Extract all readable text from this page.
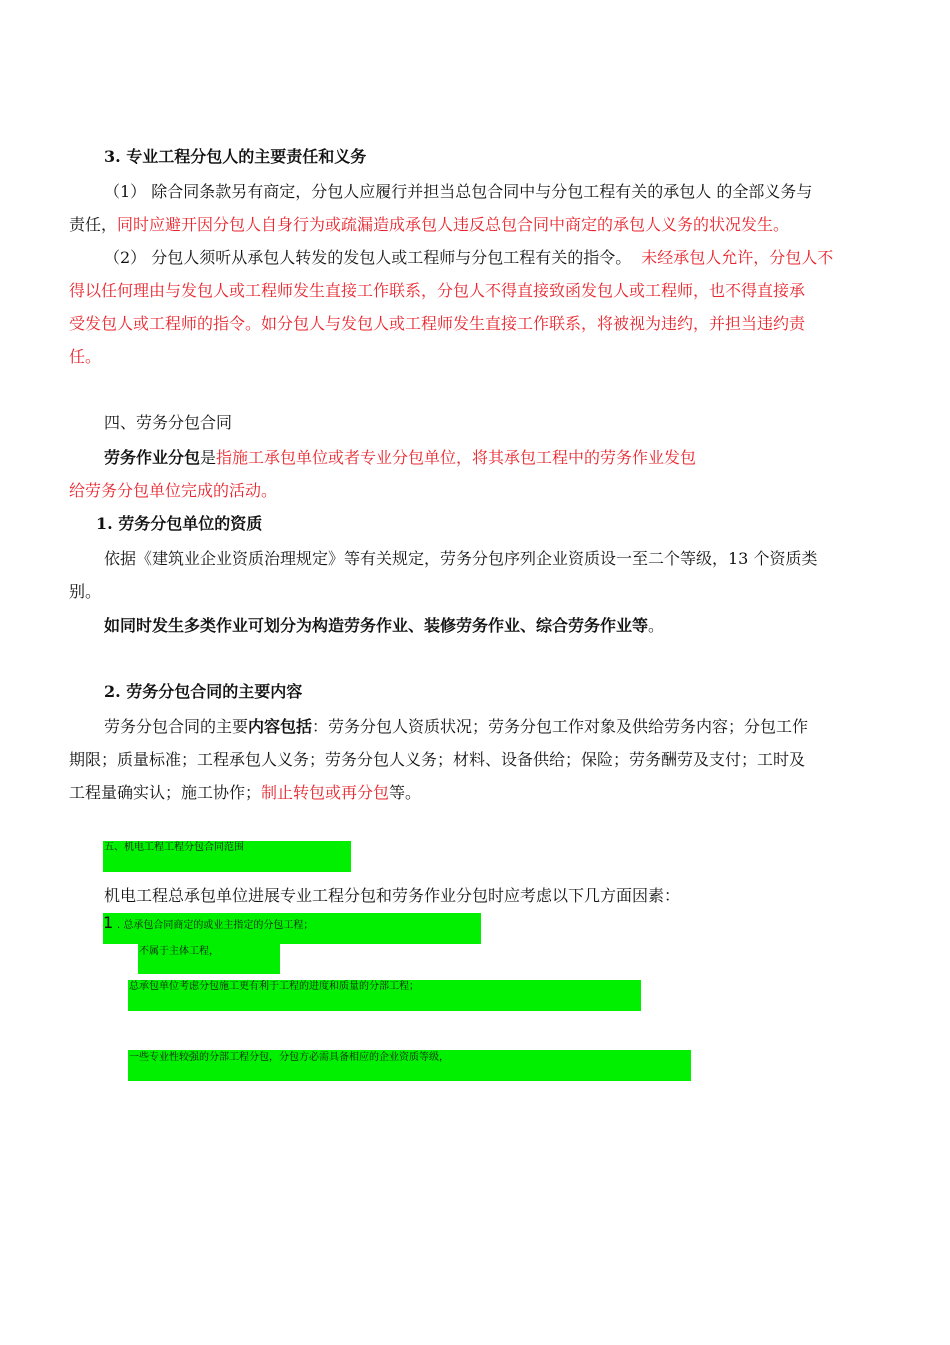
3. 专业工程分包人的主要责任和义务
（1） 除合同条款另有商定，分包人应履行并担当总包合同中与分包工程有关的承包人 的全部义务与
责任，同时应避开因分包人自身行为或疏漏造成承包人违反总包合同中商定的承包人义务的状况发生。
（2） 分包人须听从承包人转发的发包人或工程师与分包工程有关的指令。 未经承包人允许，分包人不
得以任何理由与发包人或工程师发生直接工作联系，分包人不得直接致函发包人或工程师，也不得直接承
受发包人或工程师的指令。如分包人与发包人或工程师发生直接工作联系，将被视为违约，并担当违约责
任。
四、劳务分包合同
劳务作业分包是指施工承包单位或者专业分包单位，将其承包工程中的劳务作业发包
给劳务分包单位完成的活动。
1. 劳务分包单位的资质
依据《建筑业企业资质治理规定》等有关规定，劳务分包序列企业资质设一至二个等级，13 个资质类
别。
如同时发生多类作业可划分为构造劳务作业、装修劳务作业、综合劳务作业等。
2. 劳务分包合同的主要内容
劳务分包合同的主要内容包括：劳务分包人资质状况；劳务分包工作对象及供给劳务内容；分包工作
期限；质量标准；工程承包人义务；劳务分包人义务；材料、设备供给；保险；劳务酬劳及支付；工时及
工程量确实认；施工协作；制止转包或再分包等。
五、机电工程工程分包合同范围
机电工程总承包单位进展专业工程分包和劳务作业分包时应考虑以下几方面因素：
1 . 总承包合同商定的或业主指定的分包工程；
不属于主体工程，
总承包单位考虑分包施工更有利于工程的进度和质量的分部工程；
一些专业性较强的分部工程分包，分包方必需具备相应的企业资质等级，
